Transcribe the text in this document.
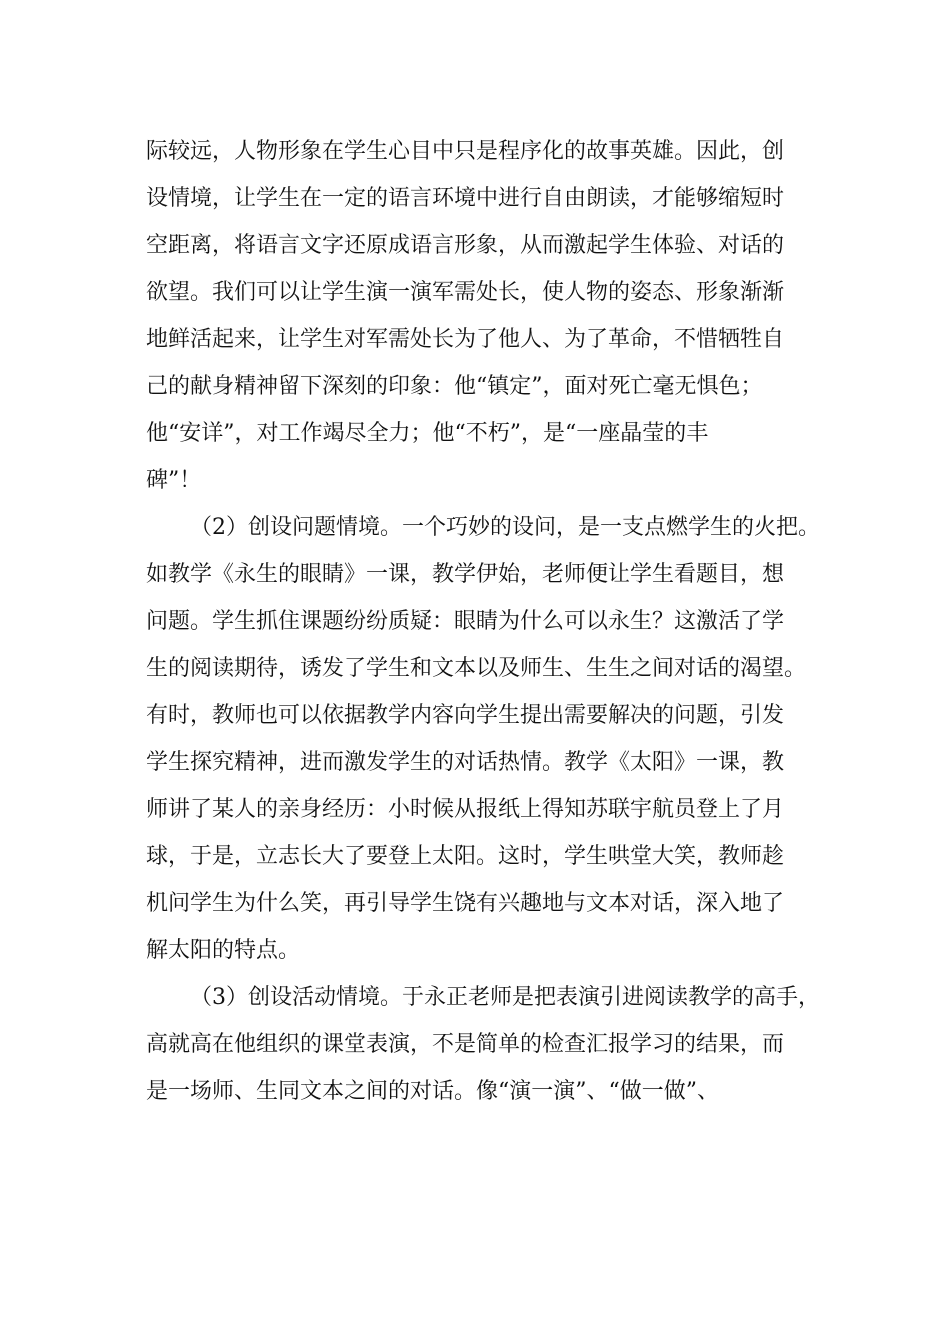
际较远，人物形象在学生心目中只是程序化的故事英雄。因此，创
设情境，让学生在一定的语言环境中进行自由朗读，才能够缩短时
空距离，将语言文字还原成语言形象，从而激起学生体验、对话的
欲望。我们可以让学生演一演军需处长，使人物的姿态、形象渐渐
地鲜活起来，让学生对军需处长为了他人、为了革命，不惜牺牲自
己的献身精神留下深刻的印象：他“镇定”，面对死亡毫无惧色；
他“安详”，对工作竭尽全力；他“不朽”，是“一座晶莹的丰
碑”！
（2）创设问题情境。一个巧妙的设问，是一支点燃学生的火把。
如教学《永生的眼睛》一课，教学伊始，老师便让学生看题目，想
问题。学生抓住课题纷纷质疑：眼睛为什么可以永生？这激活了学
生的阅读期待，诱发了学生和文本以及师生、生生之间对话的渴望。
有时，教师也可以依据教学内容向学生提出需要解决的问题，引发
学生探究精神，进而激发学生的对话热情。教学《太阳》一课，教
师讲了某人的亲身经历：小时候从报纸上得知苏联宇航员登上了月
球，于是，立志长大了要登上太阳。这时，学生哄堂大笑，教师趁
机问学生为什么笑，再引导学生饶有兴趣地与文本对话，深入地了
解太阳的特点。
（3）创设活动情境。于永正老师是把表演引进阅读教学的高手，
高就高在他组织的课堂表演，不是简单的检查汇报学习的结果，而
是一场师、生同文本之间的对话。像“演一演”、“做一做”、
